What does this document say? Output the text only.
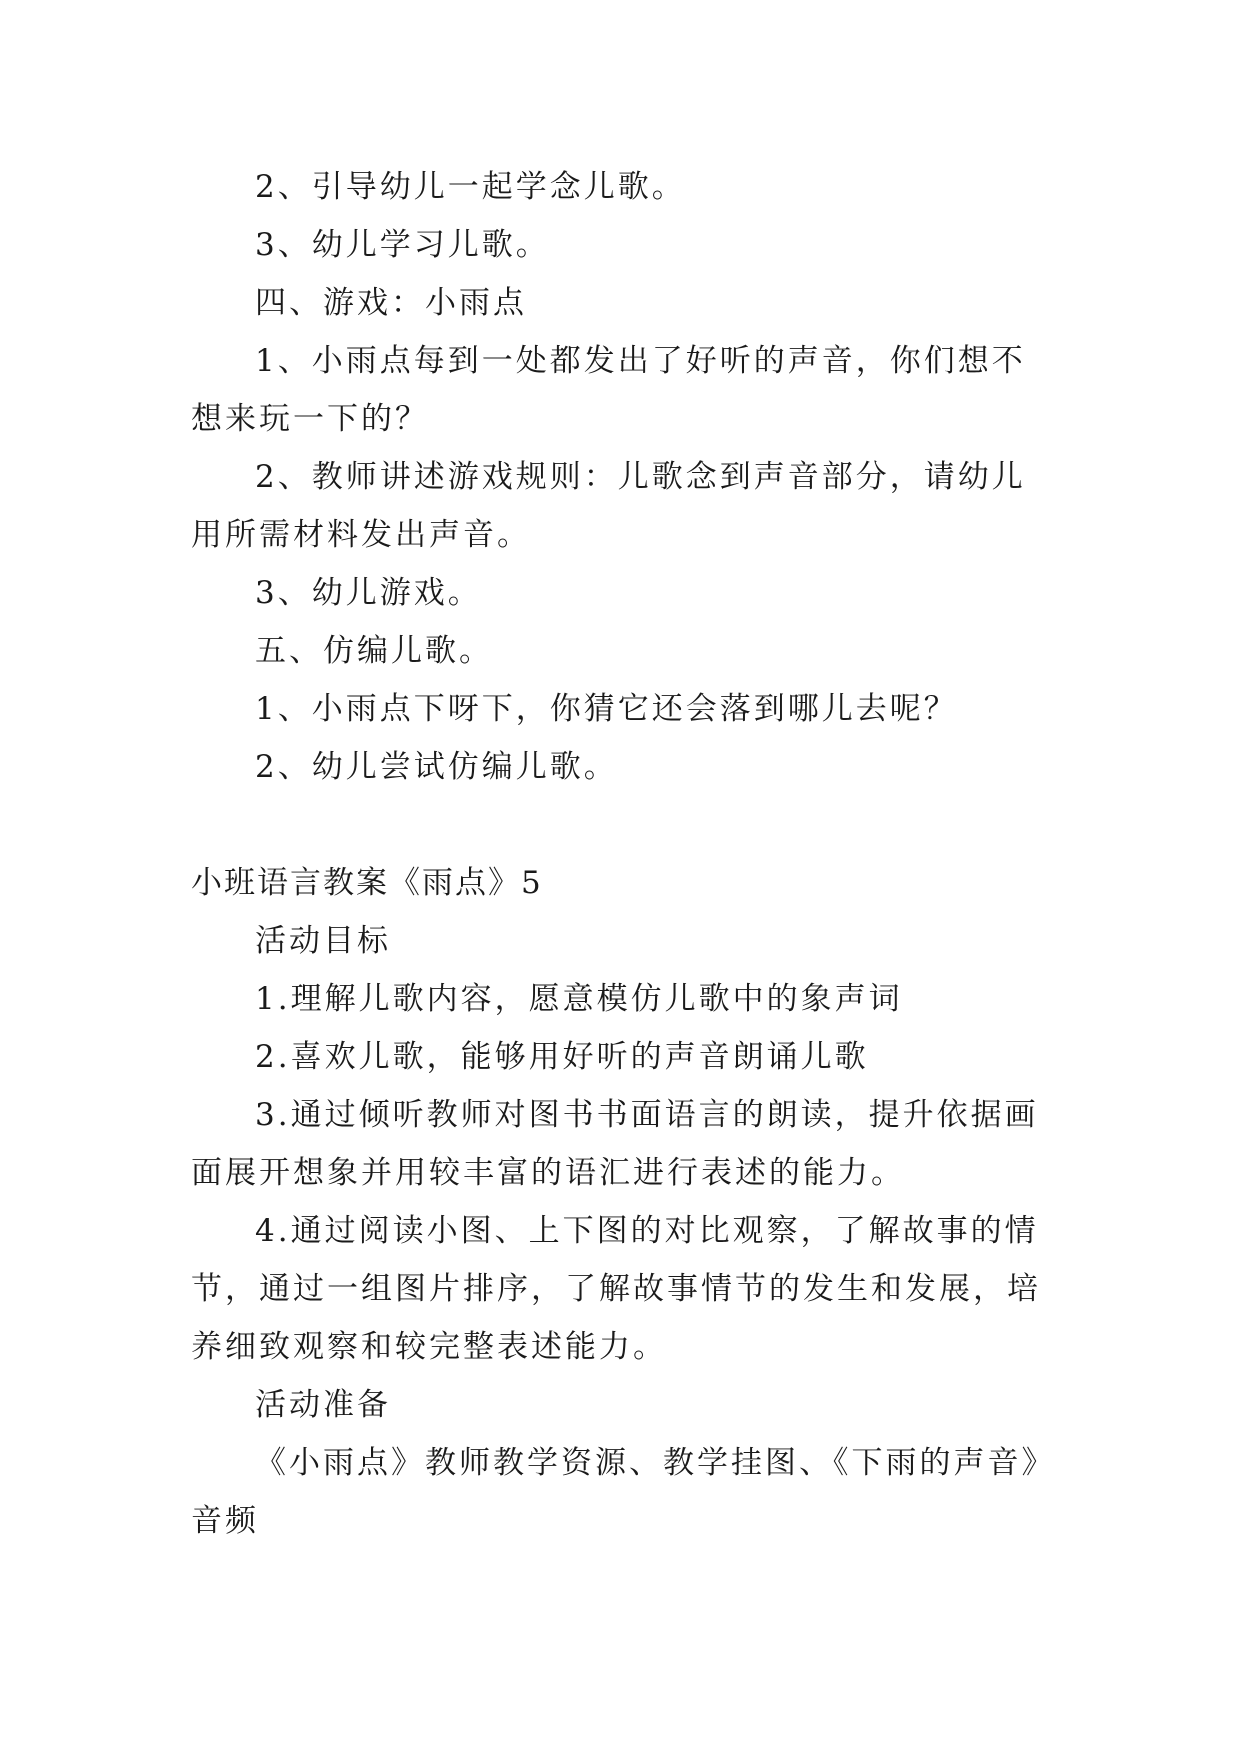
2、引导幼儿一起学念儿歌。

3、幼儿学习儿歌。

四、游戏：小雨点

1、小雨点每到一处都发出了好听的声音，你们想不想来玩一下的？

2、教师讲述游戏规则：儿歌念到声音部分，请幼儿用所需材料发出声音。

3、幼儿游戏。

五、仿编儿歌。

1、小雨点下呀下，你猜它还会落到哪儿去呢？

2、幼儿尝试仿编儿歌。

小班语言教案《雨点》5

活动目标

1.理解儿歌内容，愿意模仿儿歌中的象声词

2.喜欢儿歌，能够用好听的声音朗诵儿歌

3.通过倾听教师对图书书面语言的朗读，提升依据画面展开想象并用较丰富的语汇进行表述的能力。

4.通过阅读小图、上下图的对比观察，了解故事的情节，通过一组图片排序，了解故事情节的发生和发展，培养细致观察和较完整表述能力。

活动准备

《小雨点》教师教学资源、教学挂图、《下雨的声音》音频
